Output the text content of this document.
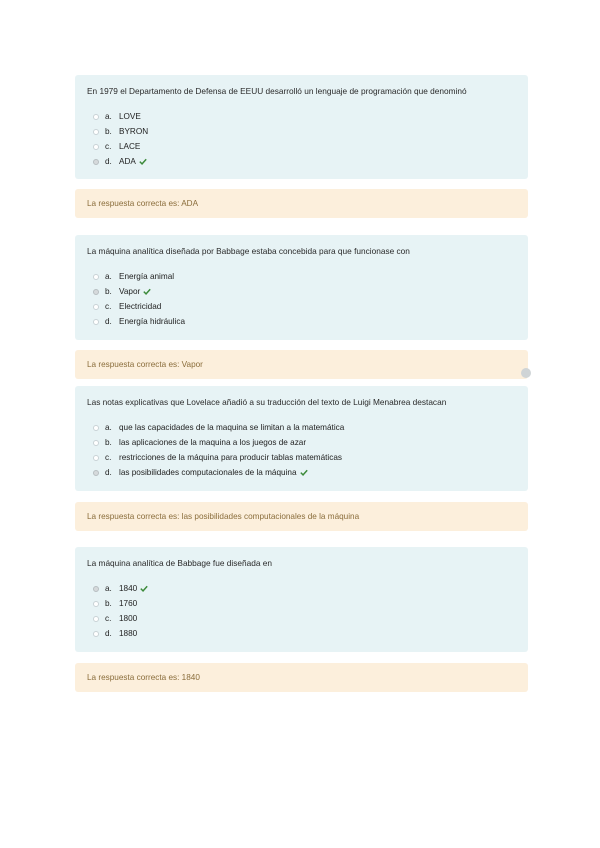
En 1979 el Departamento de Defensa de EEUU desarrolló un lenguaje de programación que denominó

a. LOVE
b. BYRON
c. LACE
d. ADA
La respuesta correcta es: ADA

La máquina analítica diseñada por Babbage estaba concebida para que funcionase con

a. Energía animal
b. Vapor
c. Electricidad
d. Energía hidráulica
La respuesta correcta es: Vapor

Las notas explicativas que Lovelace añadió a su traducción del texto de Luigi Menabrea destacan

a. que las capacidades de la maquina se limitan a la matemática
b. las aplicaciones de la maquina a los juegos de azar
c. restricciones de la máquina para producir tablas matemáticas
d. las posibilidades computacionales de la máquina
La respuesta correcta es: las posibilidades computacionales de la máquina

La máquina analítica de Babbage fue diseñada en

a. 1840
b. 1760
c. 1800
d. 1880
La respuesta correcta es: 1840
